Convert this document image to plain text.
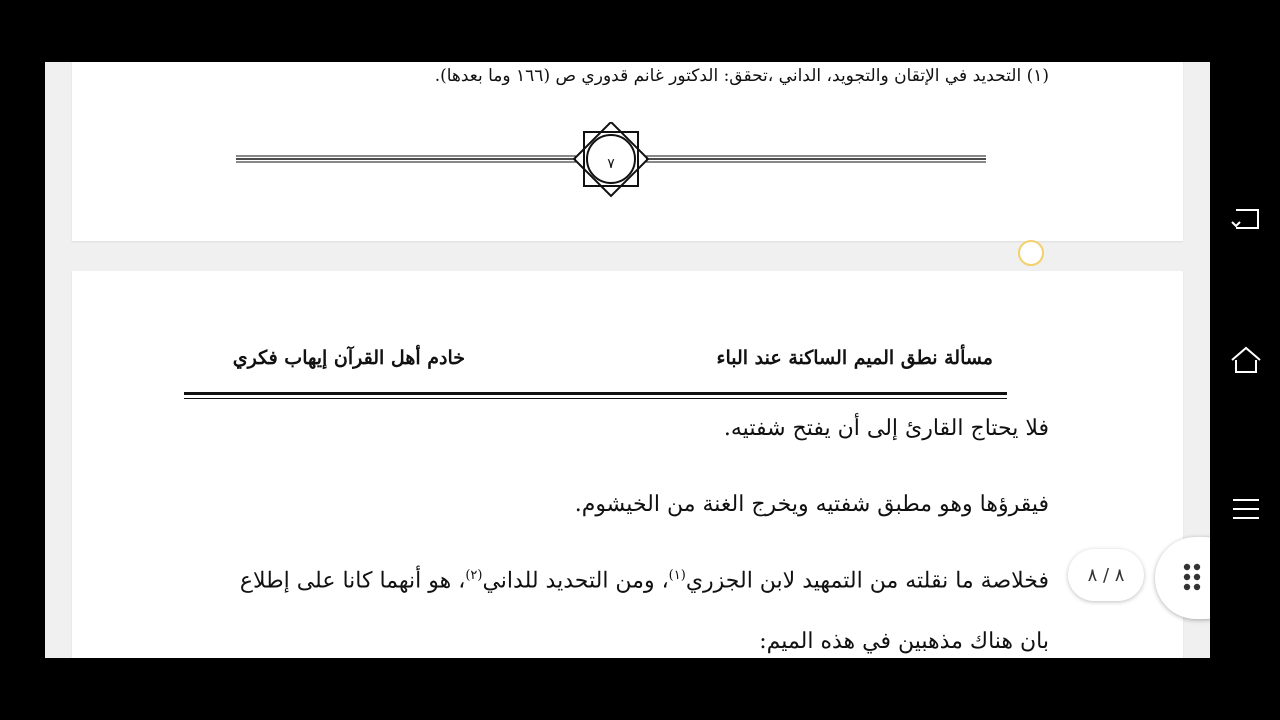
(١) التحديد في الإتقان والتجويد، الداني ،تحقق: الدكتور غانم قدوري ص (١٦٦ وما بعدها).
٧
مسألة نطق الميم الساكنة عند الباء
خادم أهل القرآن إيهاب فكري
فلا يحتاج القارئ إلى أن يفتح شفتيه.
فيقرؤها وهو مطبق شفتيه ويخرج الغنة من الخيشوم.
فخلاصة ما نقلته من التمهيد لابن الجزري$^{(١)}$، ومن التحديد للداني$^{(٢)}$، هو أنهما كانا على إطلاع
بان هناك مذهبين في هذه الميم:
٨ / ٨
